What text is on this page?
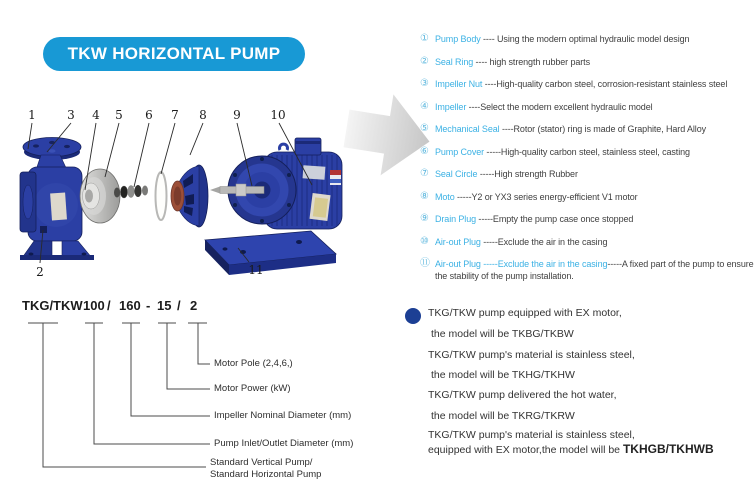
TKW HORIZONTAL PUMP
1	3 4 5 6 7 8 9 10
2	11
① Pump Body ---- Using the modern optimal hydraulic model design
② Seal Ring ---- high strength rubber parts
③ Impeller Nut ----High-quality carbon steel, corrosion-resistant stainless steel
④ Impeller ----Select the modern excellent hydraulic model
⑤ Mechanical Seal ----Rotor (stator) ring is made of Graphite, Hard Alloy
⑥ Pump Cover -----High-quality carbon steel, stainless steel, casting
⑦ Seal Circle -----High strength Rubber
⑧ Moto -----Y2 or YX3 series energy-efficient V1 motor
⑨ Drain Plug -----Empty the pump case once stopped
⑩ Air-out Plug -----Exclude the air in the casing
⑪ Air-out Plug -----Exclude the air in the casing-----A fixed part of the pump to ensure the stability of the pump installation.
TKG/TKW 100 / 160 - 15 / 2
Motor Pole (2,4,6,)
Motor Power (kW)
Impeller Nominal Diameter (mm)
Pump Inlet/Outlet Diameter (mm)
Standard Vertical Pump/
Standard Horizontal Pump
TKG/TKW pump equipped with EX motor,
the model will be TKBG/TKBW
TKG/TKW pump's material is stainless steel,
the model will be TKHG/TKHW
TKG/TKW pump delivered the hot water,
the model will be TKRG/TKRW
TKG/TKW pump's material is stainless steel,
equipped with EX motor,the model will be TKHGB/TKHWB
